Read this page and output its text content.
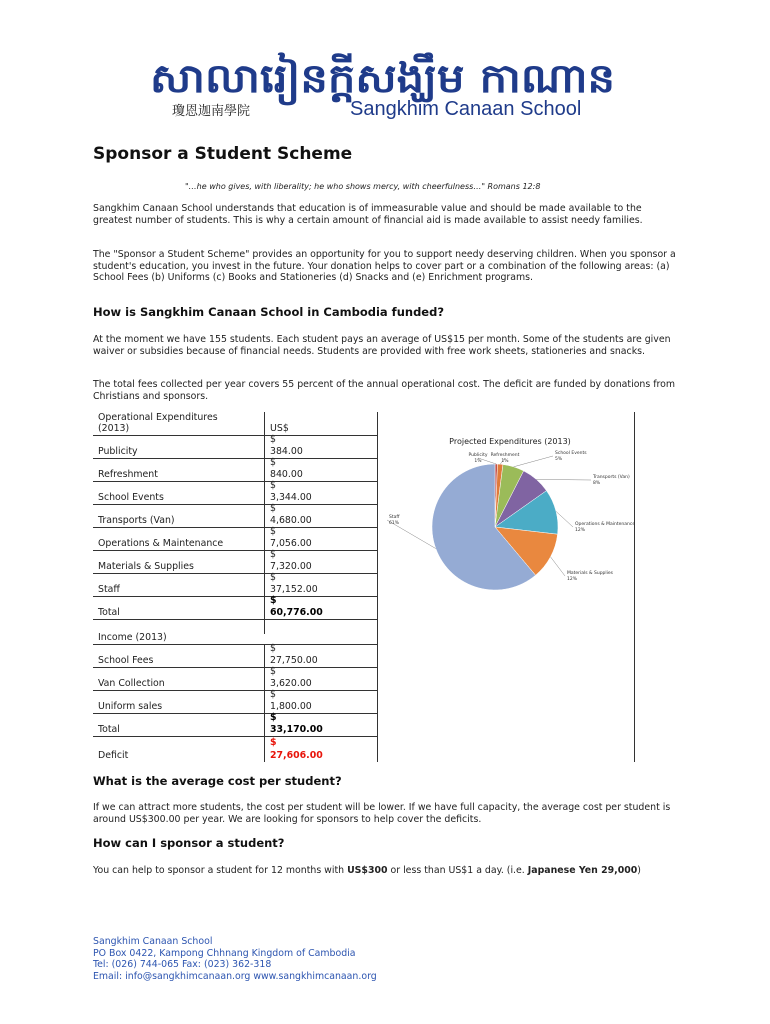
សាលារៀនក្តីសង្ឃឹម កាណាន
瓊恩迦南學院	Sangkhim Canaan School
Sponsor a Student Scheme
"…he who gives, with liberality; he who shows mercy, with cheerfulness…" Romans 12:8
Sangkhim Canaan School understands that education is of immeasurable value and should be made available to the greatest number of students. This is why a certain amount of financial aid is made available to assist needy families.
The "Sponsor a Student Scheme" provides an opportunity for you to support needy deserving children. When you sponsor a student's education, you invest in the future. Your donation helps to cover part or a combination of the following areas: (a) School Fees (b) Uniforms (c) Books and Stationeries (d) Snacks and (e) Enrichment programs.
How is Sangkhim Canaan School in Cambodia funded?
At the moment we have 155 students. Each student pays an average of US$15 per month. Some of the students are given waiver or subsidies because of financial needs. Students are provided with free work sheets, stationeries and snacks.
The total fees collected per year covers 55 percent of the annual operational cost. The deficit are funded by donations from Christians and sponsors.
Operational Expenditures (2013)	US$
Publicity
$
384.00
Refreshment
$
840.00
School Events
$
3,344.00
Transports (Van)
$
4,680.00
Operations & Maintenance
$
7,056.00
Materials & Supplies
$
7,320.00
Staff
$
37,152.00
Total
$
60,776.00
Income (2013)
School Fees
$
27,750.00
Van Collection
$
3,620.00
Uniform sales
$
1,800.00
Total
$
33,170.00
Deficit
$
27,606.00
Projected Expenditures (2013)
Publicity
1%
Refreshment
1%
School Events
5%
Transports (Van)
8%
Operations & Maintenance
12%
Materials & Supplies
12%
Staff
61%
What is the average cost per student?
If we can attract more students, the cost per student will be lower. If we have full capacity, the average cost per student is around US$300.00 per year. We are looking for sponsors to help cover the deficits.
How can I sponsor a student?
You can help to sponsor a student for 12 months with US$300 or less than US$1 a day. (i.e. Japanese Yen 29,000)
Sangkhim Canaan School
PO Box 0422, Kampong Chhnang Kingdom of Cambodia
Tel: (026) 744-065 Fax: (023) 362-318
Email: info@sangkhimcanaan.org www.sangkhimcanaan.org
